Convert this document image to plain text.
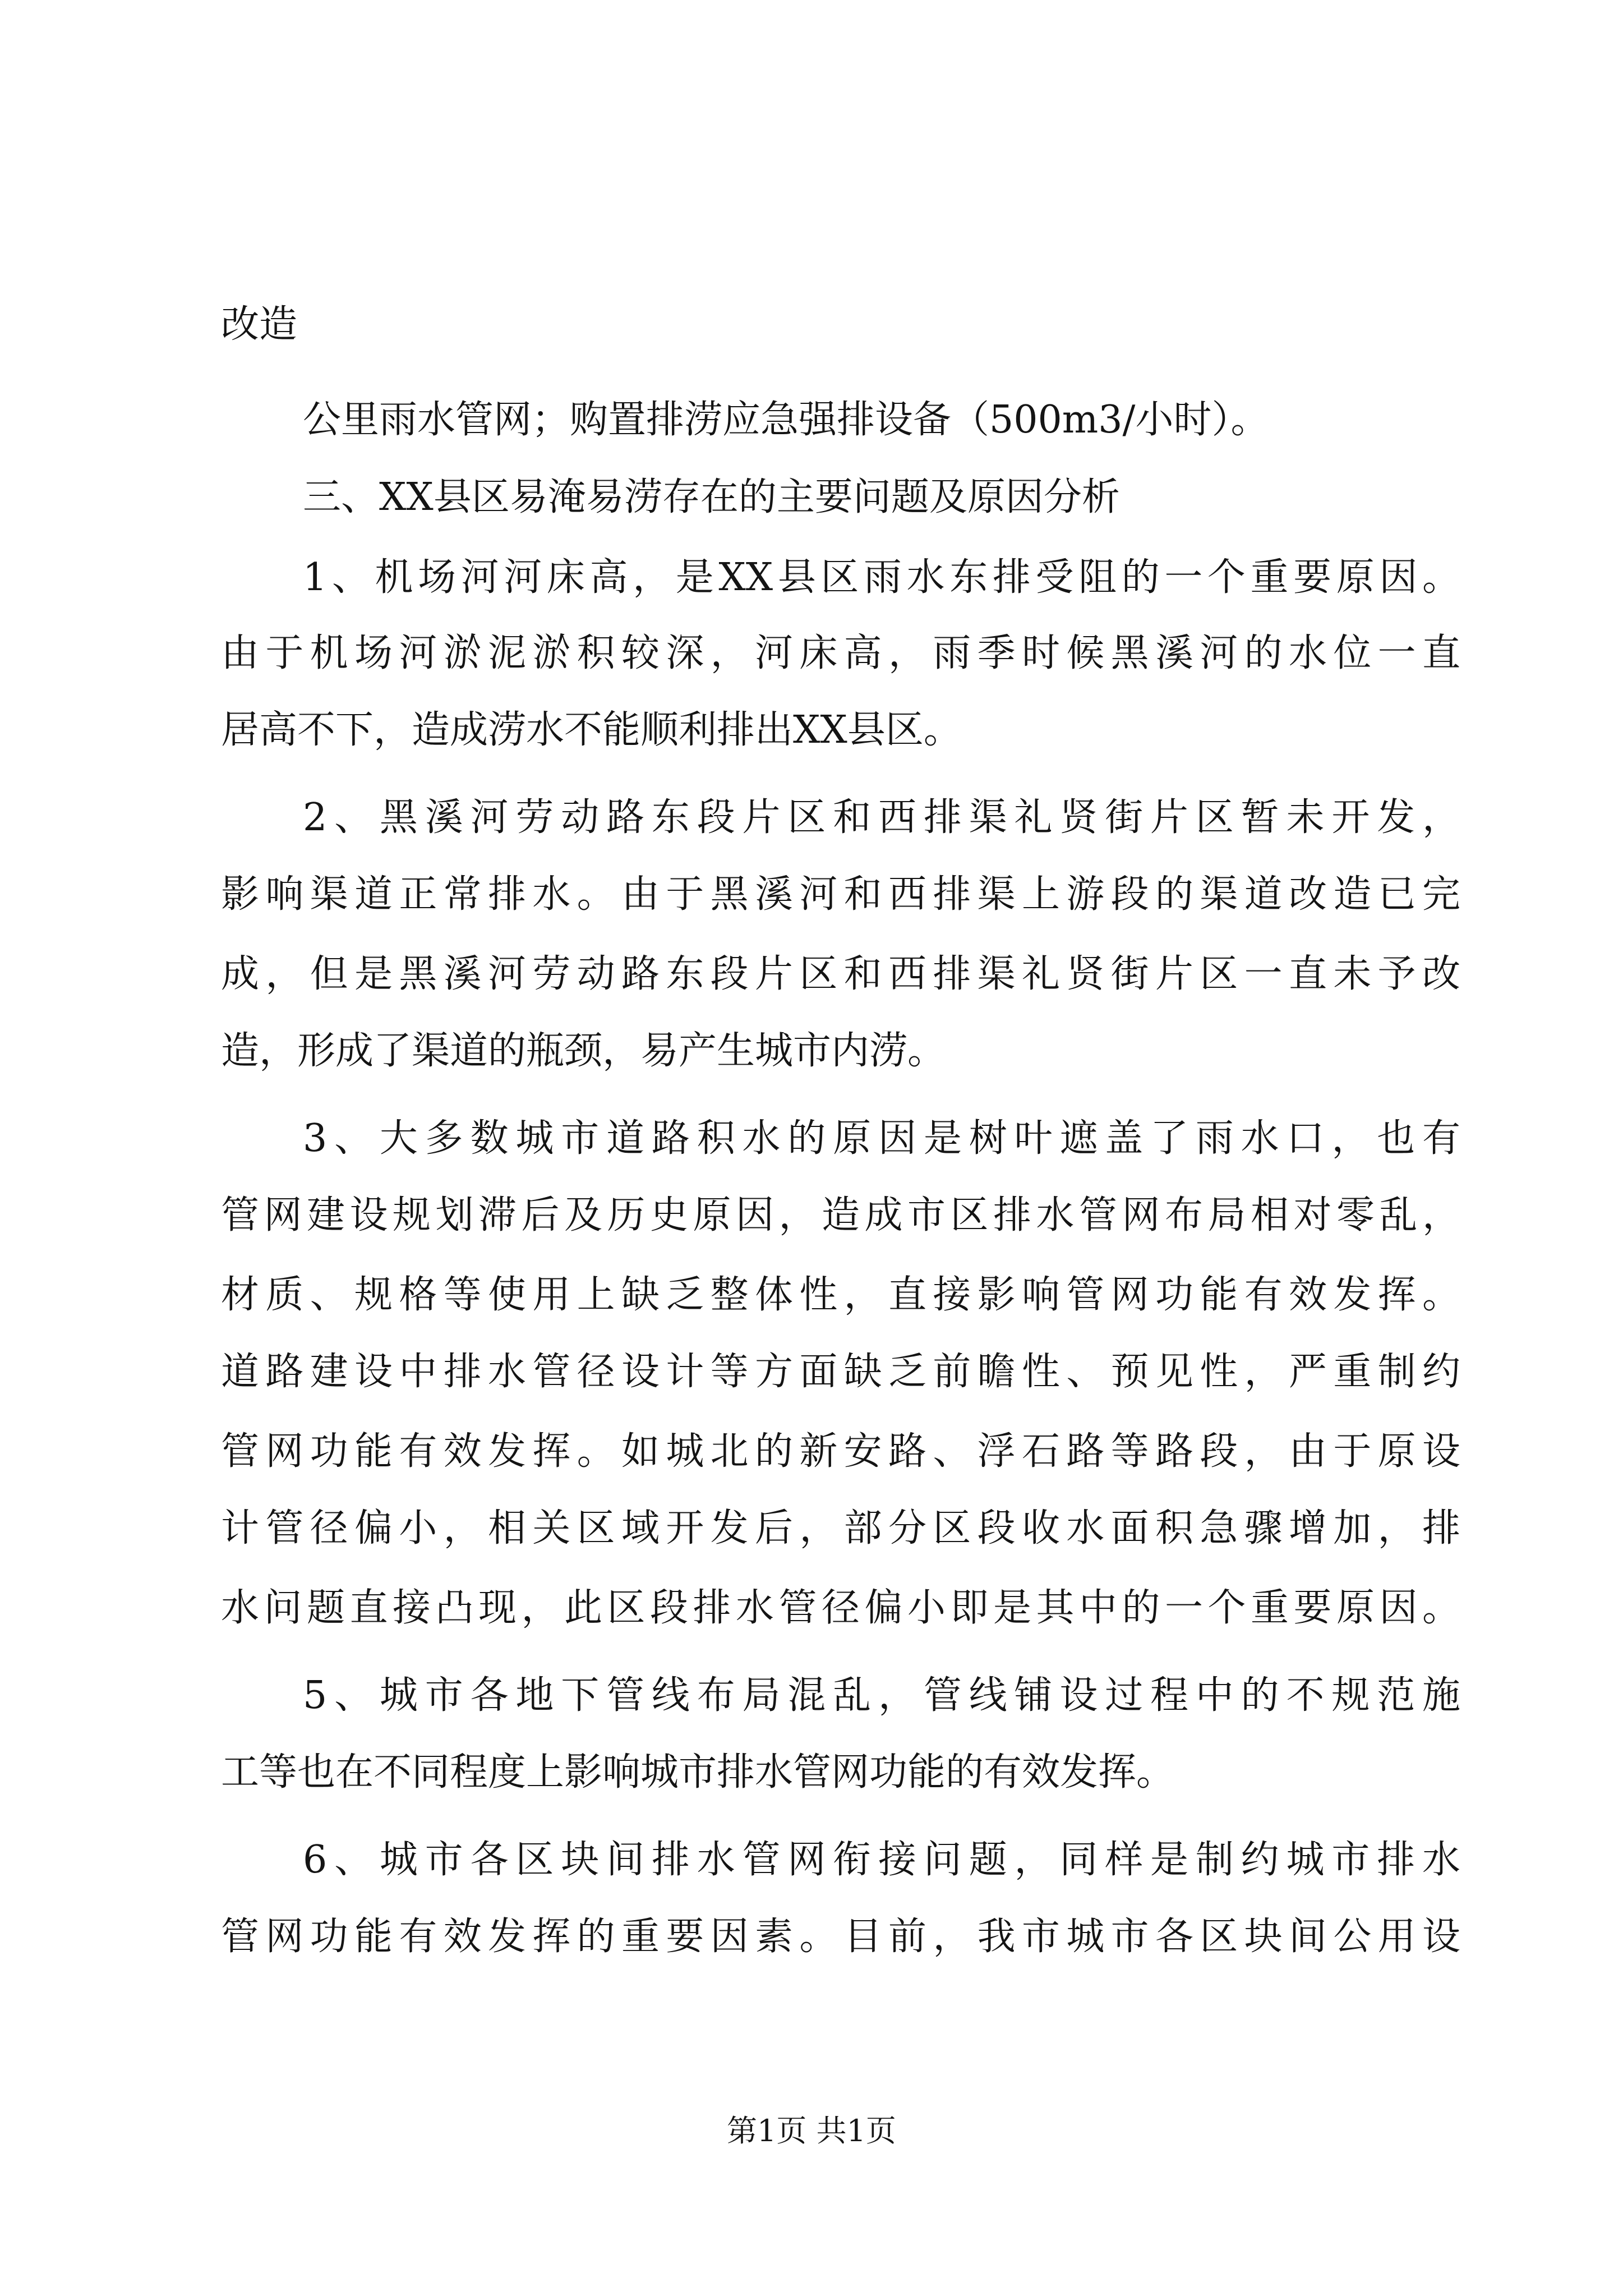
改造
公里雨水管网；购置排涝应急强排设备（500m3/小时）。
三、XX县区易淹易涝存在的主要问题及原因分析
1、机场河河床高，是XX县区雨水东排受阻的一个重要原因。
由于机场河淤泥淤积较深，河床高，雨季时候黑溪河的水位一直
居高不下，造成涝水不能顺利排出XX县区。
2、黑溪河劳动路东段片区和西排渠礼贤街片区暂未开发，
影响渠道正常排水。由于黑溪河和西排渠上游段的渠道改造已完
成，但是黑溪河劳动路东段片区和西排渠礼贤街片区一直未予改
造，形成了渠道的瓶颈，易产生城市内涝。
3、大多数城市道路积水的原因是树叶遮盖了雨水口，也有
管网建设规划滞后及历史原因，造成市区排水管网布局相对零乱，
材质、规格等使用上缺乏整体性，直接影响管网功能有效发挥。
道路建设中排水管径设计等方面缺乏前瞻性、预见性，严重制约
管网功能有效发挥。如城北的新安路、浮石路等路段，由于原设
计管径偏小，相关区域开发后，部分区段收水面积急骤增加，排
水问题直接凸现，此区段排水管径偏小即是其中的一个重要原因。
5、城市各地下管线布局混乱，管线铺设过程中的不规范施
工等也在不同程度上影响城市排水管网功能的有效发挥。
6、城市各区块间排水管网衔接问题，同样是制约城市排水
管网功能有效发挥的重要因素。目前，我市城市各区块间公用设
第1页 共1页
